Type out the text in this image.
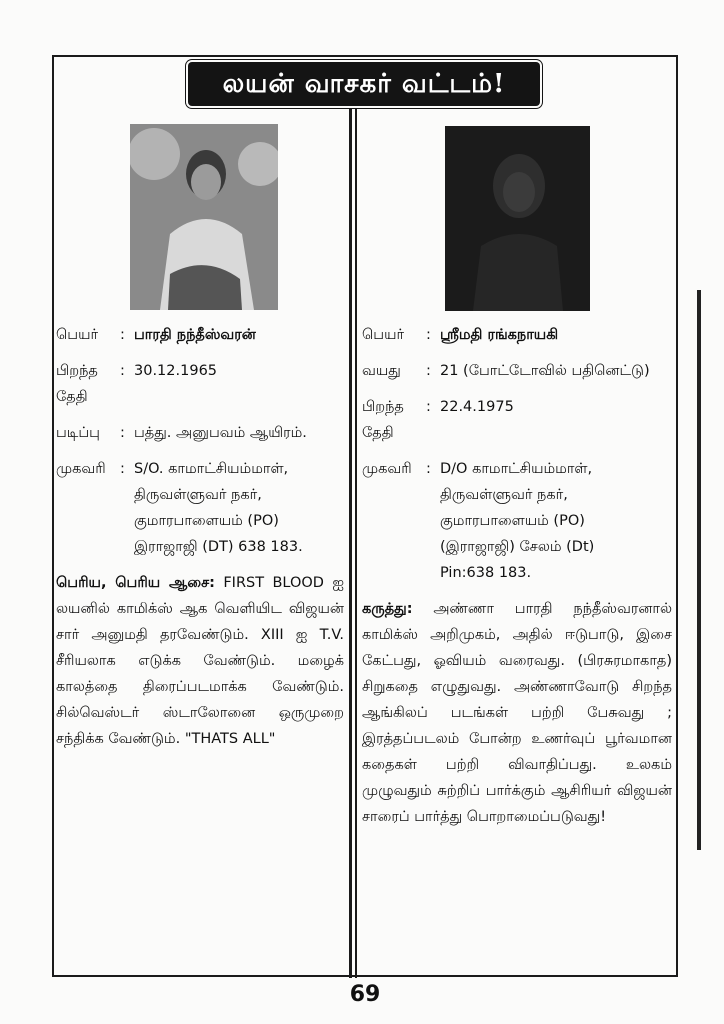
லயன் வாசகர் வட்டம்!
பெயர்	: பாரதி நந்தீஸ்வரன்
பிறந்த தேதி
: 30.12.1965
படிப்பு	: பத்து. அனுபவம் ஆயிரம்.
முகவரி : S/O. காமாட்சியம்மாள்,
திருவள்ளுவர் நகர்,
குமாரபாளையம் (PO)
இராஜாஜி (DT) 638 183.
பெரிய, பெரிய ஆசை: FIRST BLOOD ஐ லயனில் காமிக்ஸ் ஆக வெளியிட விஜயன் சார் அனுமதி தரவேண்டும். XIII ஐ T.V. சீரியலாக எடுக்க வேண்டும். மழைக் காலத்தை திரைப்படமாக்க வேண்டும். சில்வெஸ்டர் ஸ்டாலோனை ஒருமுறை சந்திக்க வேண்டும். "THATS ALL"
பெயர்	: ஸ்ரீமதி ரங்கநாயகி
வயது	: 21 (போட்டோவில் பதினெட்டு)
பிறந்த தேதி
: 22.4.1975
முகவரி : D/O காமாட்சியம்மாள்,
திருவள்ளுவர் நகர்,
குமாரபாளையம் (PO)
(இராஜாஜி) சேலம் (Dt)
Pin:638 183.
கருத்து: அண்ணா பாரதி நந்தீஸ்வரனால் காமிக்ஸ் அறிமுகம், அதில் ஈடுபாடு, இசை கேட்பது, ஓவியம் வரைவது. (பிரசுரமாகாத) சிறுகதை எழுதுவது. அண்ணாவோடு சிறந்த ஆங்கிலப் படங்கள் பற்றி பேசுவது ; இரத்தப்படலம் போன்ற உணர்வுப் பூர்வமான கதைகள் பற்றி விவாதிப்பது. உலகம் முழுவதும் சுற்றிப் பார்க்கும் ஆசிரியர் விஜயன் சாரைப் பார்த்து பொறாமைப்படுவது!
69
